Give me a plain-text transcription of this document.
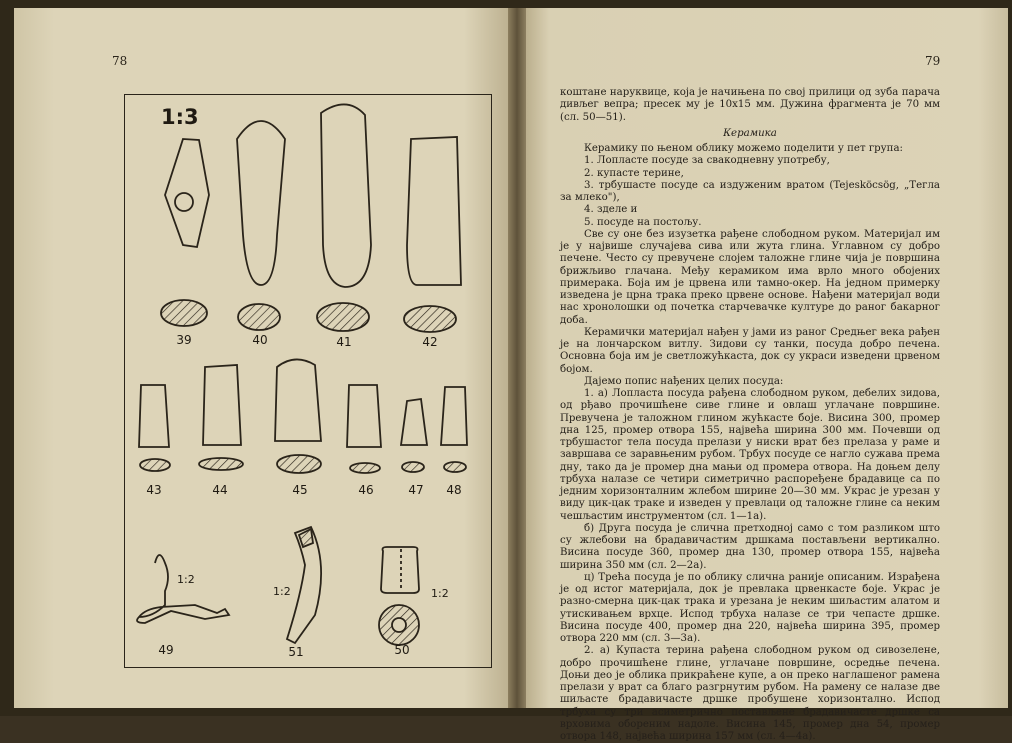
78	79
1:3
1:2
1:2	1:2
39	40	41	42
43	44	45	46	47	48
49	51	50

коштане наруквице, која је начињена по свој прилици од зуба парача дивљег вепра; пресек му је 10x15 мм. Дужина фрагмента је 70 мм (сл. 50—51).

Керамика

Керамику по њеном облику можемо поделити у пет група:

1. Лопласте посуде за свакодневну употребу,

2. купасте терине,

3. трбушасте посуде са издуженим вратом (Tejesköcsög, „Тегла за млеко"),

4. зделе и

5. посуде на постољу.

Све су оне без изузетка рађене слободном руком. Материјал им је у највише случајева сива или жута глина. Углавном су добро печене. Често су превучене слојем таложне глине чија је површина брижљиво глачана. Међу керамиком има врло много обојених примерака. Боја им је црвена или тамно-окер. На једном примерку изведена је црна трака преко црвене основе. Нађени материјал води нас хронолошки од почетка старчевачке културе до раног бакарног доба.

Керамички материјал нађен у јами из раног Средњег века рађен је на лончарском витлу. Зидови су танки, посуда добро печена. Основна боја им је светложућкаста, док су украси изведени црвеном бојом.

Дајемо попис нађених целих посуда:

1. а) Лопласта посуда рађена слободном руком, дебелих зидова, од рђаво прочишћене сиве глине и овлаш углачане површине. Превучена је таложном глином жућкасте боје. Висина 300, промер дна 125, промер отвора 155, највећа ширина 300 мм. Почевши од трбушастог тела посуда прелази у ниски врат без прелаза у раме и завршава се заравњеним рубом. Трбух посуде се нагло сужава према дну, тако да је промер дна мањи од промера отвора. На доњем делу трбуха налазе се четири симетрично распоређене брадавице са по једним хоризонталним жлебом ширине 20—30 мм. Украс је урезан у виду цик-цак траке и изведен у превлаци од таложне глине са неким чешљастим инструментом (сл. 1—1а).

б) Друга посуда је слична претходној само с том разликом што су жлебови на брадавичастим дршкама постављени вертикално. Висина посуде 360, промер дна 130, промер отвора 155, највећа ширина 350 мм (сл. 2—2а).

ц) Трећа посуда је по облику слична раније описаним. Израђена је од истог материјала, док је превлака црвенкасте боје. Украс је разно-смерна цик-цак трака и урезана је неким шиљастим алатом и утискивањем врхце. Испод трбуха налазе се три чепасте дршке. Висина посуде 400, промер дна 220, највећа ширина 395, промер отвора 220 мм (сл. 3—3а).

2. а) Купаста терина рађена слободном руком од сивозелене, добро прочишћене глине, углачане површине, осредње печена. Доњи део је облика прикраћене купе, а он преко наглашеног рамена прелази у врат са благо разгрнутим рубом. На рамену се налазе две шиљасте брадавичасте дршке пробушене хоризонтално. Испод трбуха су три асиметрично постављене брадавичасте дршке са врховима обореним надоле. Висина 145, промер дна 54, промер отвора 148, највећа ширина 157 мм (сл. 4—4а).
